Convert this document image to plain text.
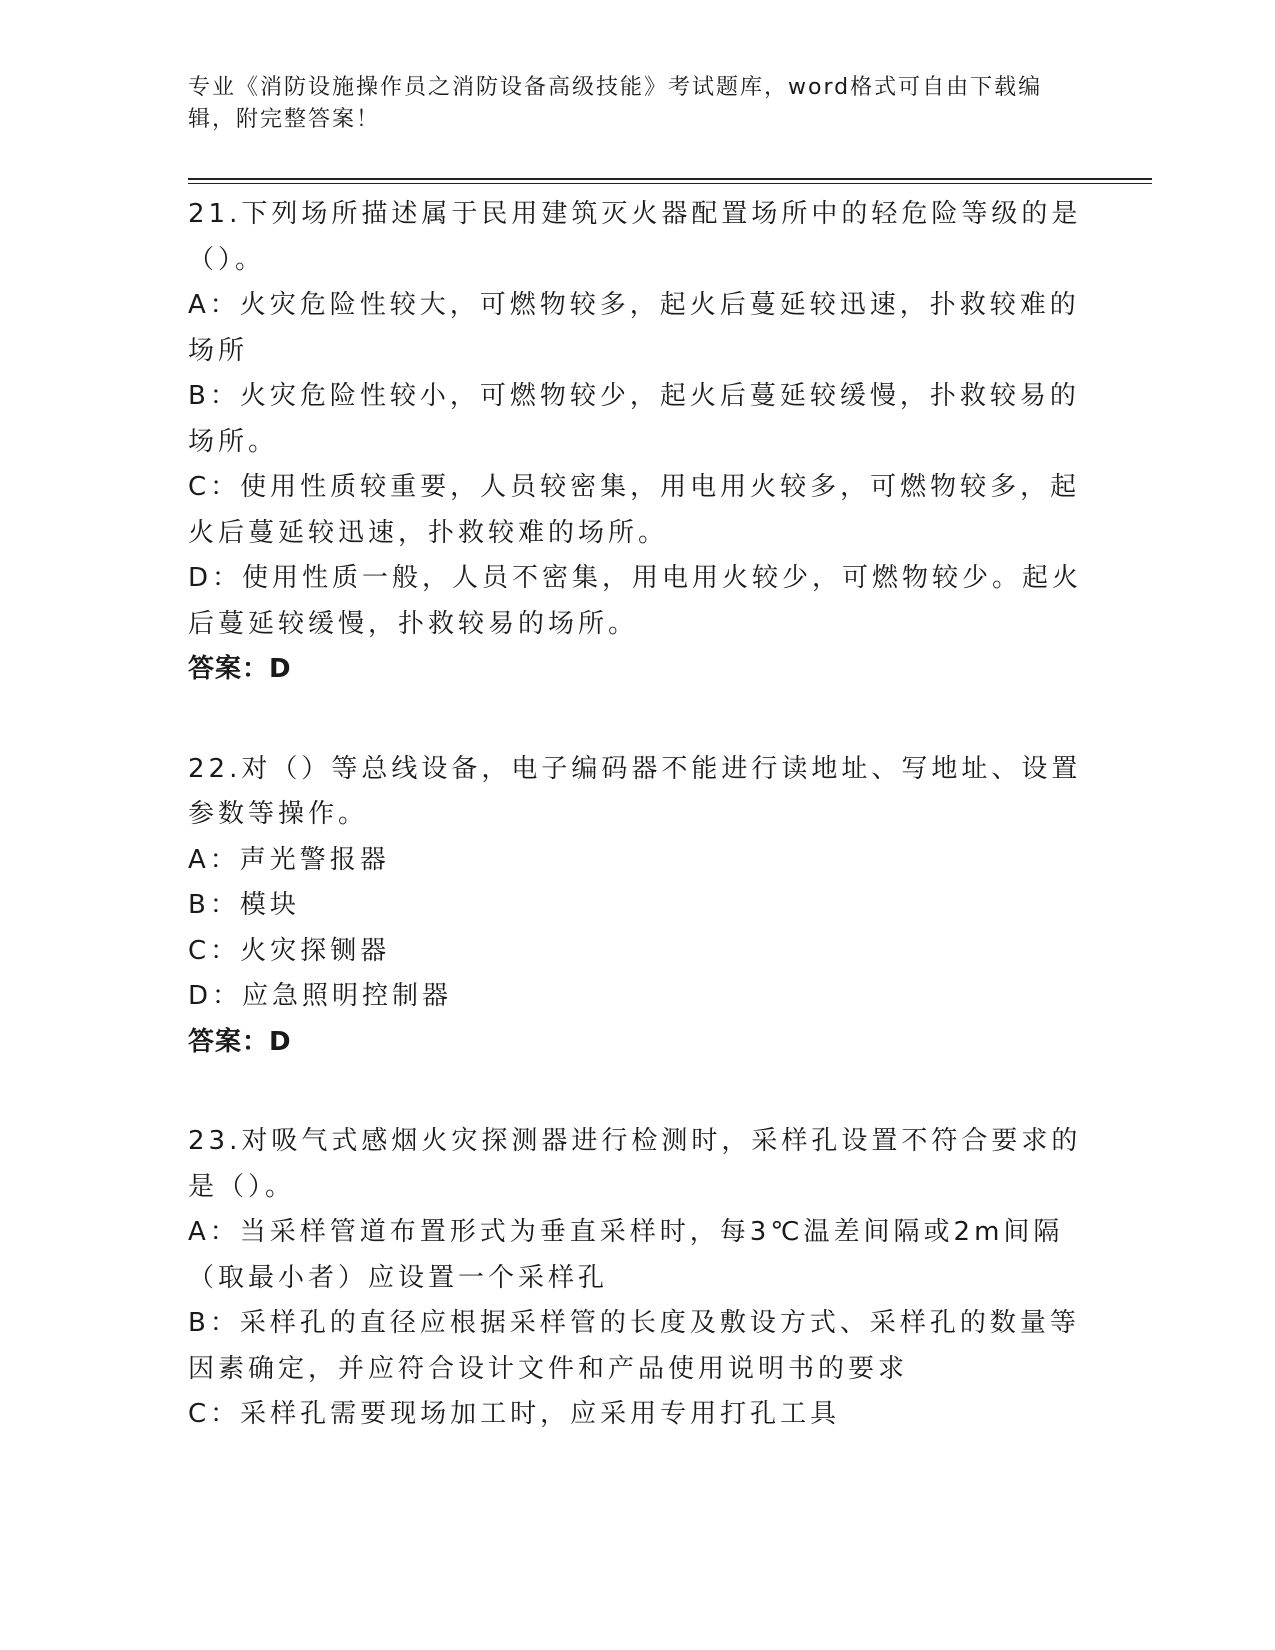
专业《消防设施操作员之消防设备高级技能》考试题库，word格式可自由下载编辑，附完整答案！

21.下列场所描述属于民用建筑灭火器配置场所中的轻危险等级的是（）。

A：火灾危险性较大，可燃物较多，起火后蔓延较迅速，扑救较难的场所

B：火灾危险性较小，可燃物较少，起火后蔓延较缓慢，扑救较易的场所。

C：使用性质较重要，人员较密集，用电用火较多，可燃物较多，起火后蔓延较迅速，扑救较难的场所。

D：使用性质一般，人员不密集，用电用火较少，可燃物较少。起火后蔓延较缓慢，扑救较易的场所。

答案：D

22.对（）等总线设备，电子编码器不能进行读地址、写地址、设置参数等操作。

A：声光警报器

B：模块

C：火灾探铡器

D：应急照明控制器

答案：D

23.对吸气式感烟火灾探测器进行检测时，采样孔设置不符合要求的是（）。

A：当采样管道布置形式为垂直采样时，每3℃温差间隔或2m间隔（取最小者）应设置一个采样孔

B：采样孔的直径应根据采样管的长度及敷设方式、采样孔的数量等因素确定，并应符合设计文件和产品使用说明书的要求

C：采样孔需要现场加工时，应采用专用打孔工具
